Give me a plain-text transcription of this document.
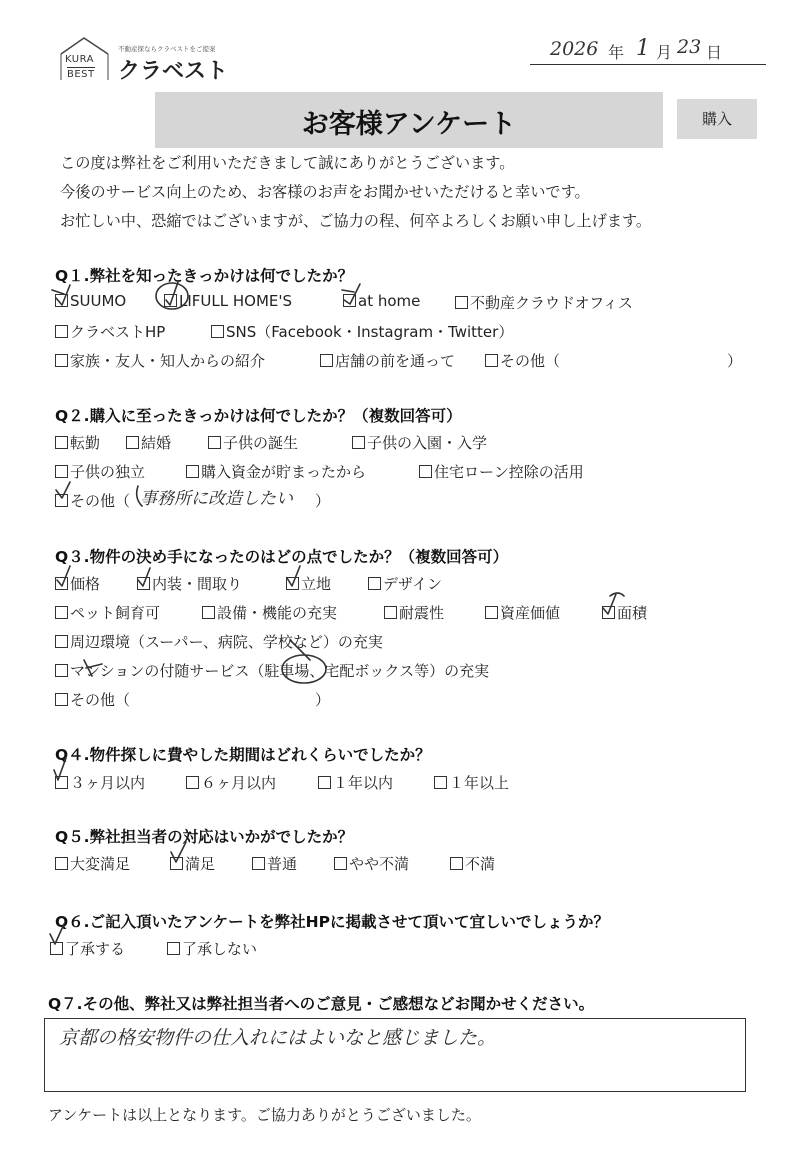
KURA
BEST
不動産探ならクラベストをご提案
クラベスト
2026 年 1 月 23 日
お客様アンケート	購入
この度は弊社をご利用いただきまして誠にありがとうございます。
今後のサービス向上のため、お客様のお声をお聞かせいただけると幸いです。
お忙しい中、恐縮ではございますが、ご協力の程、何卒よろしくお願い申し上げます。
Q１.弊社を知ったきっかけは何でしたか？
SUUMO	LIFULL HOME'S	at home	不動産クラウドオフィス
クラベストHP	SNS（Facebook・Instagram・Twitter）
家族・友人・知人からの紹介	店舗の前を通って	その他（	）
Q２.購入に至ったきっかけは何でしたか？（複数回答可）
転勤	結婚	子供の誕生	子供の入園・入学
子供の独立	購入資金が貯まったから	住宅ローン控除の活用
その他（ 事務所に改造したい ）
Q３.物件の決め手になったのはどの点でしたか？（複数回答可）
価格	内装・間取り	立地	デザイン
ペット飼育可	設備・機能の充実	耐震性	資産価値	面積
周辺環境（スーパー、病院、学校など）の充実
マンションの付随サービス（駐車場、宅配ボックス等）の充実
その他（	）
Q４.物件探しに費やした期間はどれくらいでしたか？
３ヶ月以内	６ヶ月以内	１年以内	１年以上
Q５.弊社担当者の対応はいかがでしたか？
大変満足	満足	普通	やや不満	不満
Q６.ご記入頂いたアンケートを弊社HPに掲載させて頂いて宜しいでしょうか？
了承する	了承しない
Q７.その他、弊社又は弊社担当者へのご意見・ご感想などお聞かせください。
京都の格安物件の仕入れにはよいなと感じました。
アンケートは以上となります。ご協力ありがとうございました。
